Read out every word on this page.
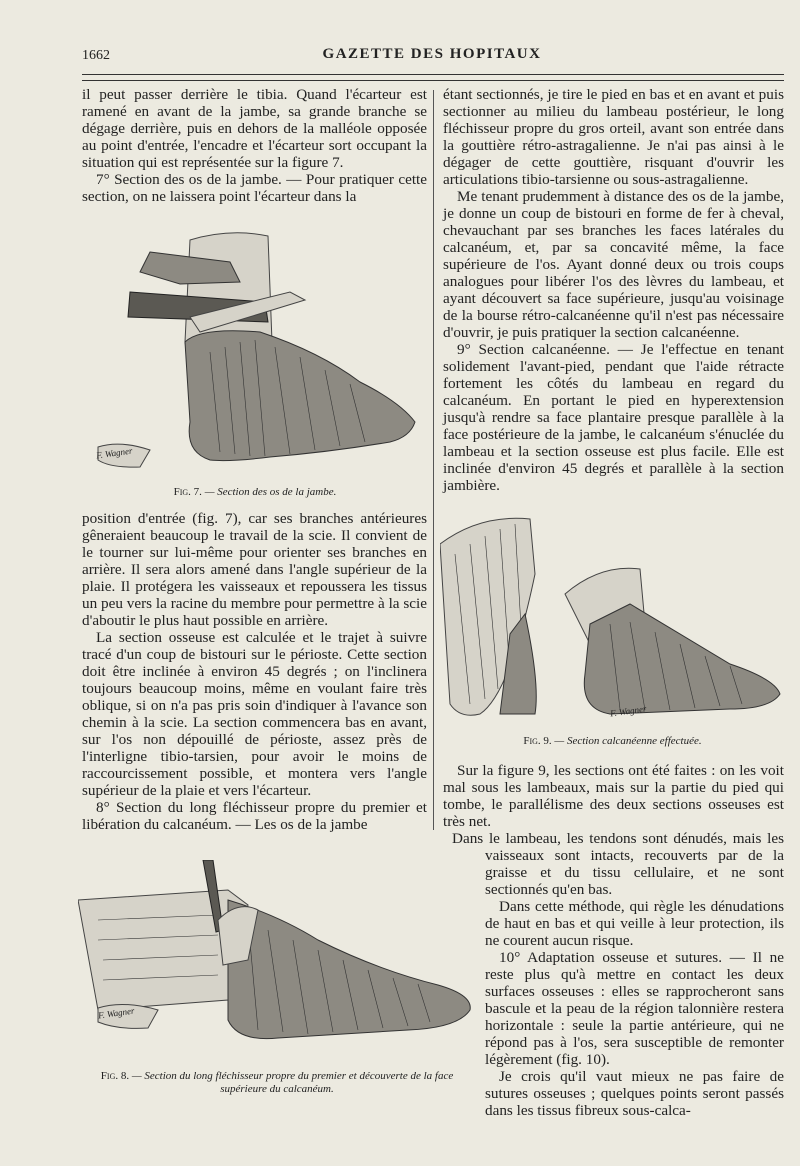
1662	GAZETTE DES HOPITAUX

il peut passer derrière le tibia. Quand l'écarteur est ramené en avant de la jambe, sa grande branche se dégage derrière, puis en dehors de la malléole opposée au point d'entrée, l'encadre et l'écarteur sort occupant la situation qui est représentée sur la figure 7.

7° Section des os de la jambe. — Pour pratiquer cette section, on ne laissera point l'écarteur dans la

F. Wagner
Fig. 7. — Section des os de la jambe.

position d'entrée (fig. 7), car ses branches antérieures gêneraient beaucoup le travail de la scie. Il convient de le tourner sur lui-même pour orienter ses branches en arrière. Il sera alors amené dans l'angle supérieur de la plaie. Il protégera les vaisseaux et repoussera les tissus un peu vers la racine du membre pour permettre à la scie d'aboutir le plus haut possible en arrière.

La section osseuse est calculée et le trajet à suivre tracé d'un coup de bistouri sur le périoste. Cette section doit être inclinée à environ 45 degrés ; on l'inclinera toujours beaucoup moins, même en voulant faire très oblique, si on n'a pas pris soin d'indiquer à l'avance son chemin à la scie. La section commencera bas en avant, sur l'os non dépouillé de périoste, assez près de l'interligne tibio-tarsien, pour avoir le moins de raccourcissement possible, et montera vers l'angle supérieur de la plaie et vers l'écarteur.

8° Section du long fléchisseur propre du premier et libération du calcanéum. — Les os de la jambe

F. Wagner
Fig. 8. — Section du long fléchisseur propre du premier et découverte de la face supérieure du calcanéum.

étant sectionnés, je tire le pied en bas et en avant et puis sectionner au milieu du lambeau postérieur, le long fléchisseur propre du gros orteil, avant son entrée dans la gouttière rétro-astragalienne. Je n'ai pas ainsi à le dégager de cette gouttière, risquant d'ouvrir les articulations tibio-tarsienne ou sous-astragalienne.

Me tenant prudemment à distance des os de la jambe, je donne un coup de bistouri en forme de fer à cheval, chevauchant par ses branches les faces latérales du calcanéum, et, par sa concavité même, la face supérieure de l'os. Ayant donné deux ou trois coups analogues pour libérer l'os des lèvres du lambeau, et ayant découvert sa face supérieure, jusqu'au voisinage de la bourse rétro-calcanéenne qu'il n'est pas nécessaire d'ouvrir, je puis pratiquer la section calcanéenne.

9° Section calcanéenne. — Je l'effectue en tenant solidement l'avant-pied, pendant que l'aide rétracte fortement les côtés du lambeau en regard du calcanéum. En portant le pied en hyperextension jusqu'à rendre sa face plantaire presque parallèle à la face postérieure de la jambe, le calcanéum s'énuclée du lambeau et la section osseuse est plus facile. Elle est inclinée d'environ 45 degrés et parallèle à la section jambière.

F. Wagner
Fig. 9. — Section calcanéenne effectuée.

Sur la figure 9, les sections ont été faites : on les voit mal sous les lambeaux, mais sur la partie du pied qui tombe, le parallélisme des deux sections osseuses est très net.

Dans le lambeau, les tendons sont dénudés, mais les vaisseaux sont intacts, recouverts par de la graisse et du tissu cellulaire, et ne sont sectionnés qu'en bas.

Dans cette méthode, qui règle les dénudations de haut en bas et qui veille à leur protection, ils ne courent aucun risque.

10° Adaptation osseuse et sutures. — Il ne reste plus qu'à mettre en contact les deux surfaces osseuses : elles se rapprocheront sans bascule et la peau de la région talonnière restera horizontale : seule la partie antérieure, qui ne répond pas à l'os, sera susceptible de remonter légèrement (fig. 10).

Je crois qu'il vaut mieux ne pas faire de sutures osseuses ; quelques points seront passés dans les tissus fibreux sous-calca-
